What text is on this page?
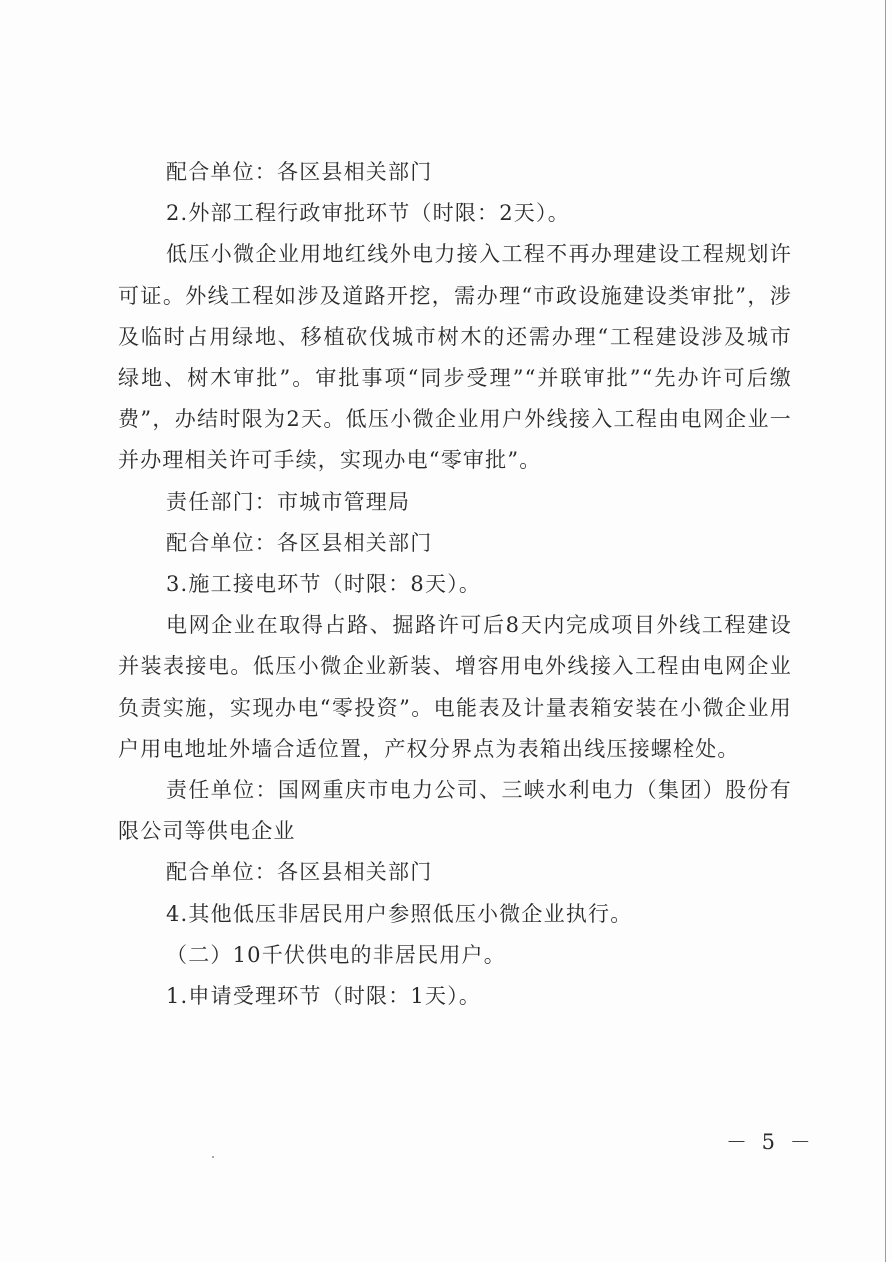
配合单位：各区县相关部门

2.外部工程行政审批环节（时限：2天）。

低压小微企业用地红线外电力接入工程不再办理建设工程规划许可证。外线工程如涉及道路开挖，需办理“市政设施建设类审批”，涉及临时占用绿地、移植砍伐城市树木的还需办理“工程建设涉及城市绿地、树木审批”。审批事项“同步受理”“并联审批”“先办许可后缴费”，办结时限为2天。低压小微企业用户外线接入工程由电网企业一并办理相关许可手续，实现办电“零审批”。

责任部门：市城市管理局

配合单位：各区县相关部门

3.施工接电环节（时限：8天）。

电网企业在取得占路、掘路许可后8天内完成项目外线工程建设并装表接电。低压小微企业新装、增容用电外线接入工程由电网企业负责实施，实现办电“零投资”。电能表及计量表箱安装在小微企业用户用电地址外墙合适位置，产权分界点为表箱出线压接螺栓处。

责任单位：国网重庆市电力公司、三峡水利电力（集团）股份有限公司等供电企业

配合单位：各区县相关部门

4.其他低压非居民用户参照低压小微企业执行。

（二）10千伏供电的非居民用户。

1.申请受理环节（时限：1天）。

－ 5 －
